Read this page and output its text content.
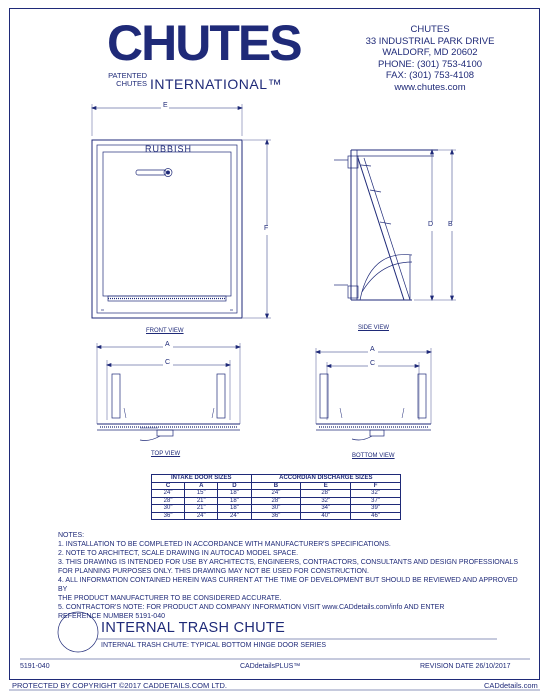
CHUTES
PATENTED
CHUTES INTERNATIONAL™
CHUTES
33 INDUSTRIAL PARK DRIVE
WALDORF, MD 20602
PHONE: (301) 753-4100
FAX: (301) 753-4108
www.chutes.com
E
F
RUBBISH
D B
A
C
A
C
FRONT VIEW	SIDE VIEW
TOP VIEW	BOTTOM VIEW
INTAKE DOOR SIZES			ACCORDIAN DISCHARGE SIZES		
C	A	D	B	E	F
24"	15"	18"	24"	28"	32"
28"	21"	18"	28"	32"	37"
30"	21"	18"	30"	34"	39"
36"	24"	24"	36"	40"	46"

NOTES:

1. INSTALLATION TO BE COMPLETED IN ACCORDANCE WITH MANUFACTURER'S SPECIFICATIONS.

2. NOTE TO ARCHITECT, SCALE DRAWING IN AUTOCAD MODEL SPACE.

3. THIS DRAWING IS INTENDED FOR USE BY ARCHITECTS, ENGINEERS, CONTRACTORS, CONSULTANTS AND DESIGN PROFESSIONALS

FOR PLANNING PURPOSES ONLY. THIS DRAWING MAY NOT BE USED FOR CONSTRUCTION.

4. ALL INFORMATION CONTAINED HEREIN WAS CURRENT AT THE TIME OF DEVELOPMENT BUT SHOULD BE REVIEWED AND APPROVED BY

THE PRODUCT MANUFACTURER TO BE CONSIDERED ACCURATE.

5. CONTRACTOR'S NOTE: FOR PRODUCT AND COMPANY INFORMATION VISIT www.CADdetails.com/info AND ENTER

REFERENCE NUMBER 5191-040

INTERNAL TRASH CHUTE
INTERNAL TRASH CHUTE: TYPICAL BOTTOM HINGE DOOR SERIES
5191-040	CADdetailsPLUS™	REVISION DATE 26/10/2017
PROTECTED BY COPYRIGHT ©2017 CADDETAILS.COM LTD.	CADdetails.com
